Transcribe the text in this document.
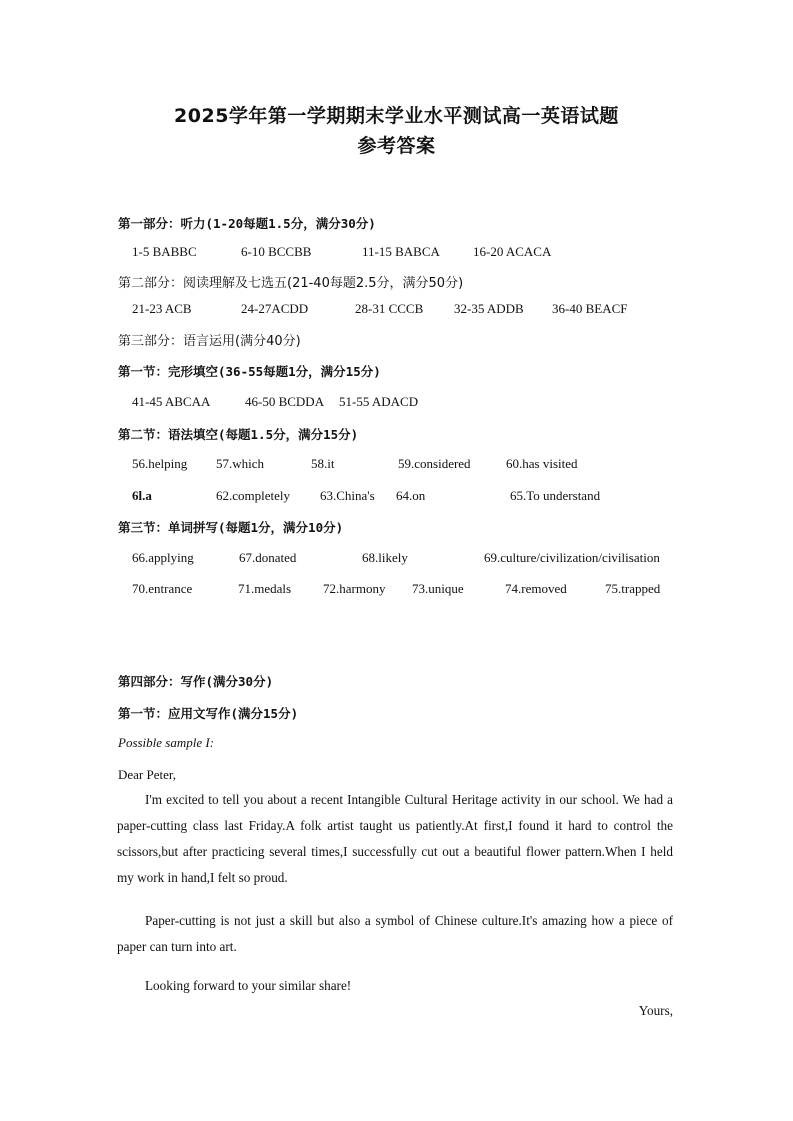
2025学年第一学期期末学业水平测试高一英语试题
参考答案
第一部分：听力(1-20每题1.5分，满分30分)
1-5 BABBC	6-10 BCCBB	11-15 BABCA	16-20 ACACA
第二部分：阅读理解及七选五(21-40每题2.5分，满分50分)
21-23 ACB	24-27ACDD	28-31 CCCB 32-35 ADDB 36-40 BEACF
第三部分：语言运用(满分40分)
第一节：完形填空(36-55每题1分，满分15分)
41-45 ABCAA	46-50 BCDDA 51-55 ADACD
第二节：语法填空(每题1.5分，满分15分)
56.helping 57.which	58.it	59.considered	60.has visited
6l.a	62.completely 63.China's 64.on	65.To understand
第三节：单词拼写(每题1分，满分10分)
66.applying	67.donated	68.likely	69.culture/civilization/civilisation
70.entrance	71.medals 72.harmony 73.unique	74.removed	75.trapped
第四部分：写作(满分30分)
第一节：应用文写作(满分15分)
Possible sample I:
Dear Peter,
I'm excited to tell you about a recent Intangible Cultural Heritage activity in our school. We had a paper-cutting class last Friday.A folk artist taught us patiently.At first,I found it hard to control the scissors,but after practicing several times,I successfully cut out a beautiful flower pattern.When I held my work in hand,I felt so proud.
Paper-cutting is not just a skill but also a symbol of Chinese culture.It's amazing how a piece of paper can turn into art.
Looking forward to your similar share!
Yours,
